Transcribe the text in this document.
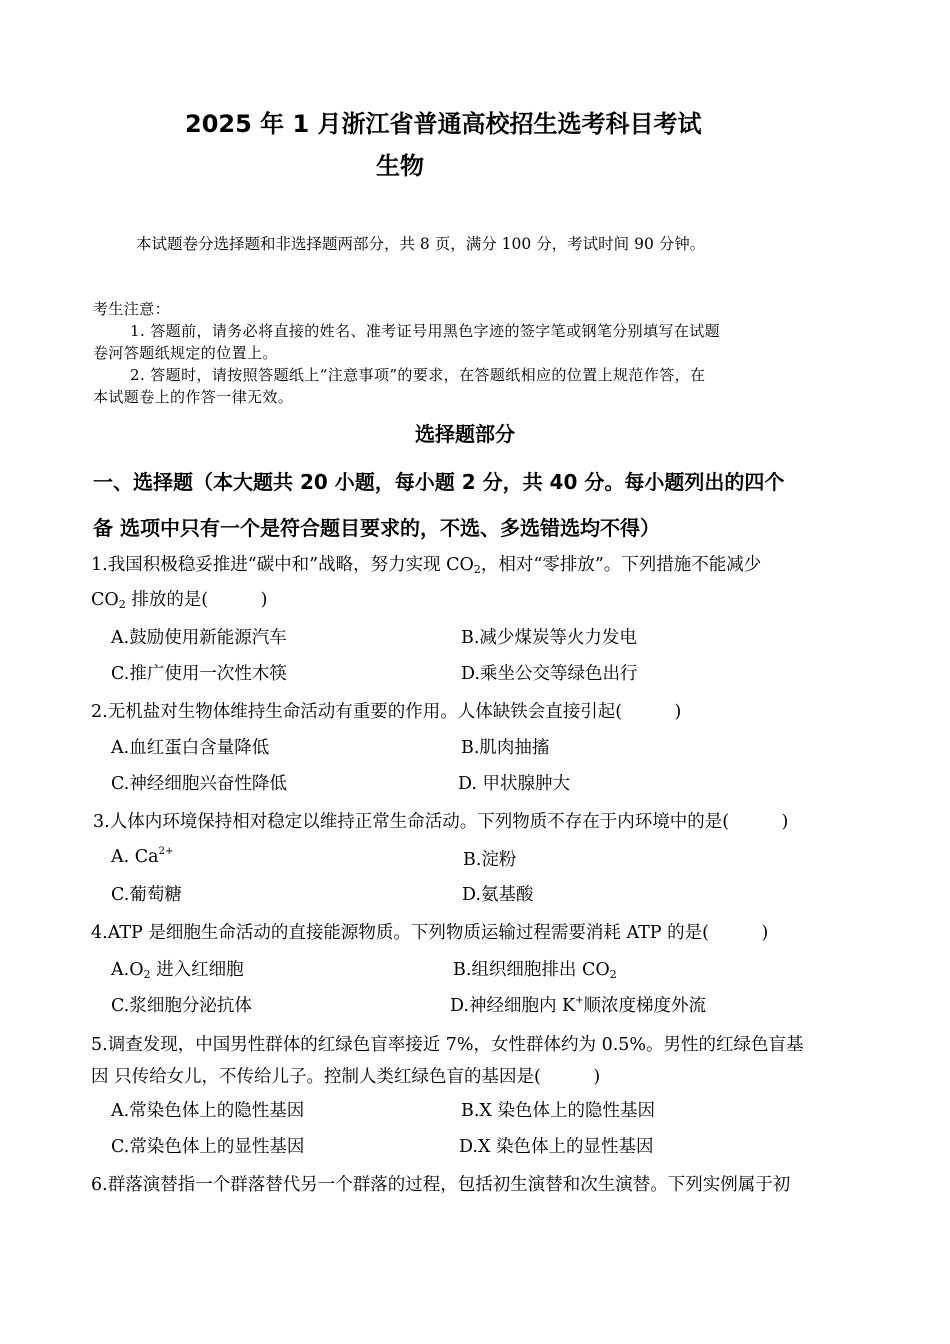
2025 年 1 月浙江省普通高校招生选考科目考试
生物
本试题卷分选择题和非选择题两部分，共 8 页，满分 100 分，考试时间 90 分钟。
考生注意：
1. 答题前，请务必将直接的姓名、准考证号用黑色字迹的签字笔或钢笔分别填写在试题
卷河答题纸规定的位置上。
2. 答题时，请按照答题纸上“注意事项”的要求，在答题纸相应的位置上规范作答，在
本试题卷上的作答一律无效。
选择题部分
一、选择题（本大题共 20 小题，每小题 2 分，共 40 分。每小题列出的四个
备 选项中只有一个是符合题目要求的，不选、多选错选均不得）
1.我国积极稳妥推进“碳中和”战略，努力实现 $CO_2$，相对“零排放”。下列措施不能减少
$CO_2$ 排放的是(　　　)
A.鼓励使用新能源汽车	B.减少煤炭等火力发电
C.推广使用一次性木筷	D.乘坐公交等绿色出行
2.无机盐对生物体维持生命活动有重要的作用。人体缺铁会直接引起(　　　)
A.血红蛋白含量降低	B.肌肉抽搐
C.神经细胞兴奋性降低	D. 甲状腺肿大
3.人体内环境保持相对稳定以维持正常生命活动。下列物质不存在于内环境中的是(　　　)
A. $Ca^{2+}$	B.淀粉
C.葡萄糖	D.氨基酸
4.ATP 是细胞生命活动的直接能源物质。下列物质运输过程需要消耗 ATP 的是(　　　)
$A.O_2$ 进入红细胞	B.组织细胞排出 $CO_2$
C.浆细胞分泌抗体	D.神经细胞内 K+顺浓度梯度外流
5.调查发现，中国男性群体的红绿色盲率接近 7%，女性群体约为 0.5%。男性的红绿色盲基
因 只传给女儿，不传给儿子。控制人类红绿色盲的基因是(　　　)
A.常染色体上的隐性基因	B.X 染色体上的隐性基因
C.常染色体上的显性基因	D.X 染色体上的显性基因
6.群落演替指一个群落替代另一个群落的过程，包括初生演替和次生演替。下列实例属于初
